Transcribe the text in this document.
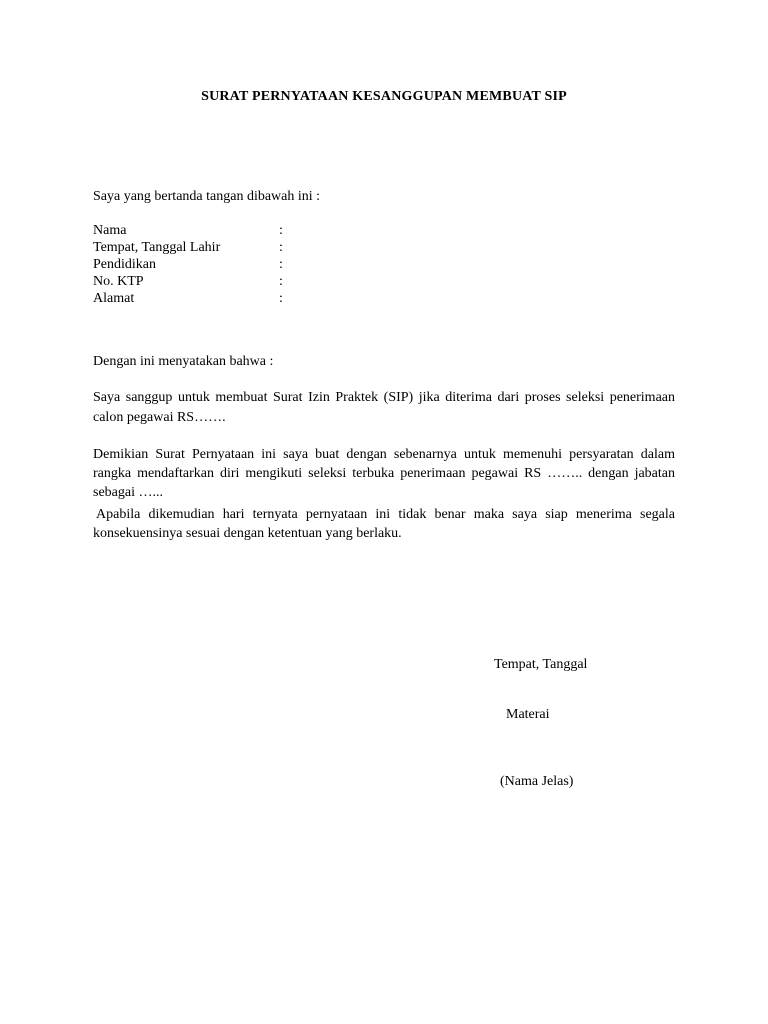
SURAT PERNYATAAN KESANGGUPAN MEMBUAT SIP
Saya yang bertanda tangan dibawah ini :
Nama	:
Tempat, Tanggal Lahir	:
Pendidikan	:
No. KTP	:
Alamat	:
Dengan ini menyatakan bahwa :
Saya sanggup untuk membuat Surat Izin Praktek (SIP) jika diterima dari proses seleksi penerimaan calon pegawai RS…….
Demikian Surat Pernyataan ini saya buat dengan sebenarnya untuk memenuhi persyaratan dalam rangka mendaftarkan diri mengikuti seleksi terbuka penerimaan pegawai RS …….. dengan jabatan sebagai …...
Apabila dikemudian hari ternyata pernyataan ini tidak benar maka saya siap menerima segala konsekuensinya sesuai dengan ketentuan yang berlaku.
Tempat, Tanggal
Materai
(Nama Jelas)
